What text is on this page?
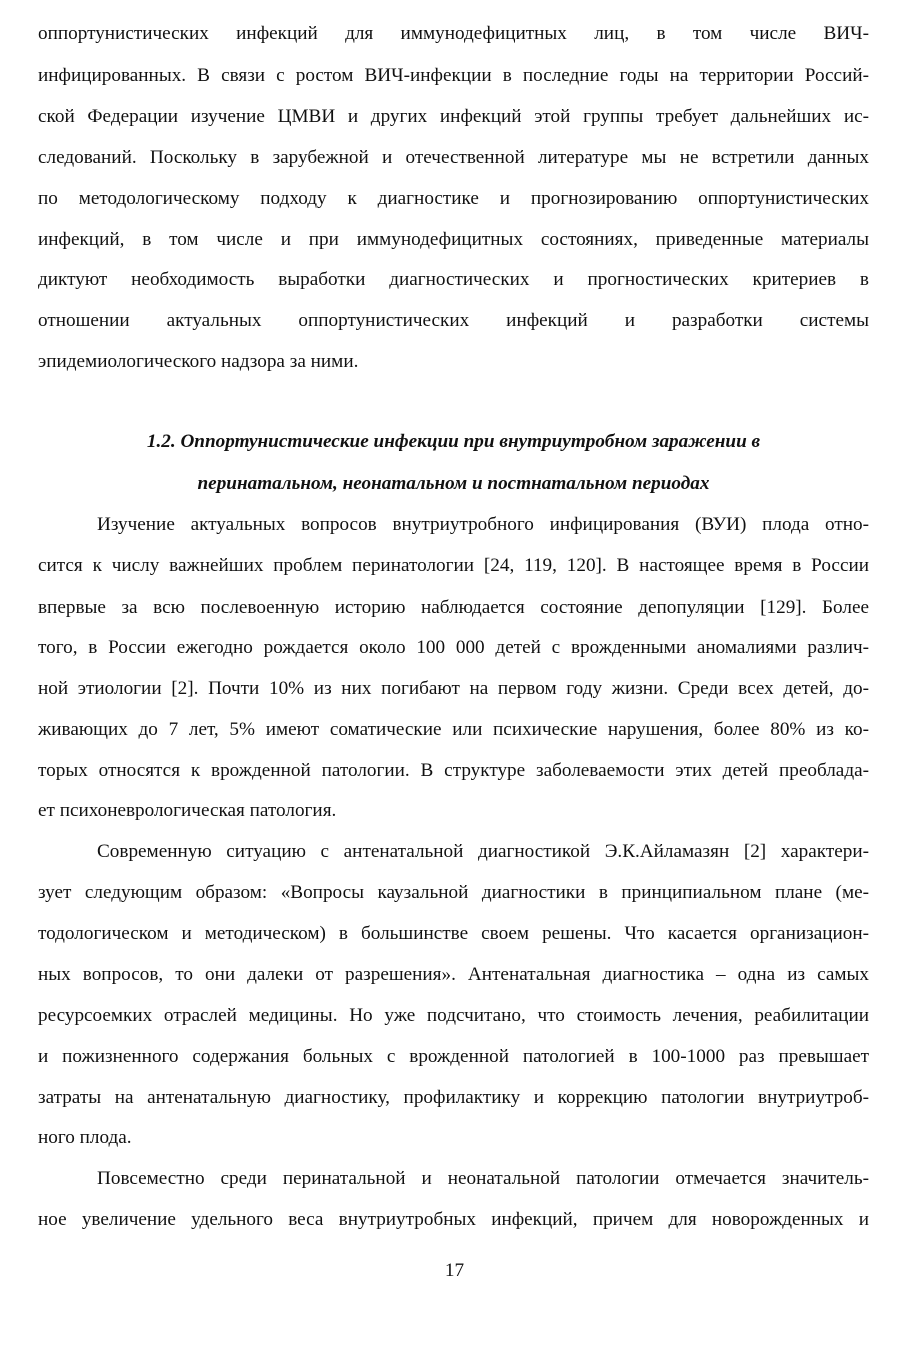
оппортунистических инфекций для иммунодефицитных лиц, в том числе ВИЧ-
инфицированных. В связи с ростом ВИЧ-инфекции в последние годы на территории Россий-
ской Федерации изучение ЦМВИ и других инфекций этой группы требует дальнейших ис-
следований. Поскольку в зарубежной и отечественной литературе мы не встретили данных
по методологическому подходу к диагностике и прогнозированию оппортунистических
инфекций, в том числе и при иммунодефицитных состояниях, приведенные материалы
диктуют необходимость выработки диагностических и прогностических критериев в
отношении актуальных оппортунистических инфекций и разработки системы
эпидемиологического надзора за ними.
1.2. Оппортунистические инфекции при внутриутробном заражении в
перинатальном, неонатальном и постнатальном периодах
Изучение актуальных вопросов внутриутробного инфицирования (ВУИ) плода отно-
сится к числу важнейших проблем перинатологии [24, 119, 120]. В настоящее время в России
впервые за всю послевоенную историю наблюдается состояние депопуляции [129]. Более
того, в России ежегодно рождается около 100 000 детей с врожденными аномалиями различ-
ной этиологии [2]. Почти 10% из них погибают на первом году жизни. Среди всех детей, до-
живающих до 7 лет, 5% имеют соматические или психические нарушения, более 80% из ко-
торых относятся к врожденной патологии. В структуре заболеваемости этих детей преоблада-
ет психоневрологическая патология.
Современную ситуацию с антенатальной диагностикой Э.К.Айламазян [2] характери-
зует следующим образом: «Вопросы каузальной диагностики в принципиальном плане (ме-
тодологическом и методическом) в большинстве своем решены. Что касается организацион-
ных вопросов, то они далеки от разрешения». Антенатальная диагностика – одна из самых
ресурсоемких отраслей медицины. Но уже подсчитано, что стоимость лечения, реабилитации
и пожизненного содержания больных с врожденной патологией в 100-1000 раз превышает
затраты на антенатальную диагностику, профилактику и коррекцию патологии внутриутроб-
ного плода.
Повсеместно среди перинатальной и неонатальной патологии отмечается значитель-
ное увеличение удельного веса внутриутробных инфекций, причем для новорожденных и
17
